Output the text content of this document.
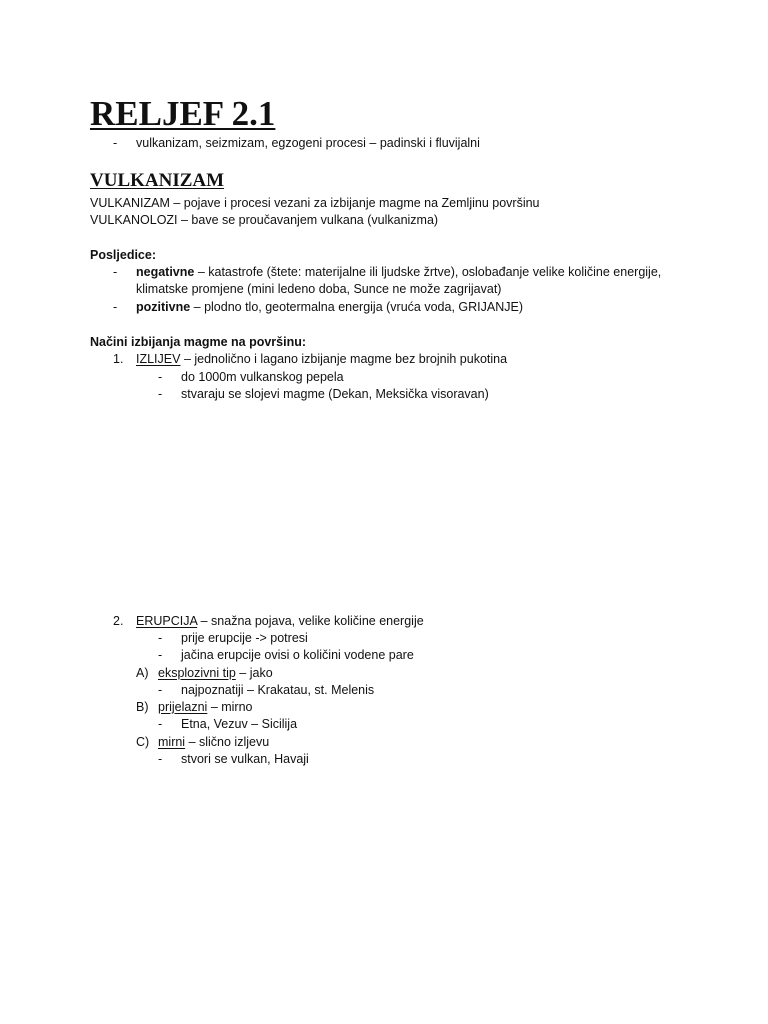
RELJEF 2.1
- vulkanizam, seizmizam, egzogeni procesi – padinski i fluvijalni
VULKANIZAM
VULKANIZAM – pojave i procesi vezani za izbijanje magme na Zemljinu površinu
VULKANOLOZI – bave se proučavanjem vulkana (vulkanizma)
Posljedice:
- negativne – katastrofe (štete: materijalne ili ljudske žrtve), oslobađanje velike količine energije,
klimatske promjene (mini ledeno doba, Sunce ne može zagrijavat)
- pozitivne – plodno tlo, geotermalna energija (vruća voda, GRIJANJE)
Načini izbijanja magme na površinu:
1. IZLIJEV – jednolično i lagano izbijanje magme bez brojnih pukotina
- do 1000m vulkanskog pepela
- stvaraju se slojevi magme (Dekan, Meksička visoravan)
2. ERUPCIJA – snažna pojava, velike količine energije
- prije erupcije -> potresi
- jačina erupcije ovisi o količini vodene pare
A) eksplozivni tip – jako
- najpoznatiji – Krakatau, st. Melenis
B) prijelazni – mirno
- Etna, Vezuv – Sicilija
C) mirni – slično izljevu
- stvori se vulkan, Havaji
